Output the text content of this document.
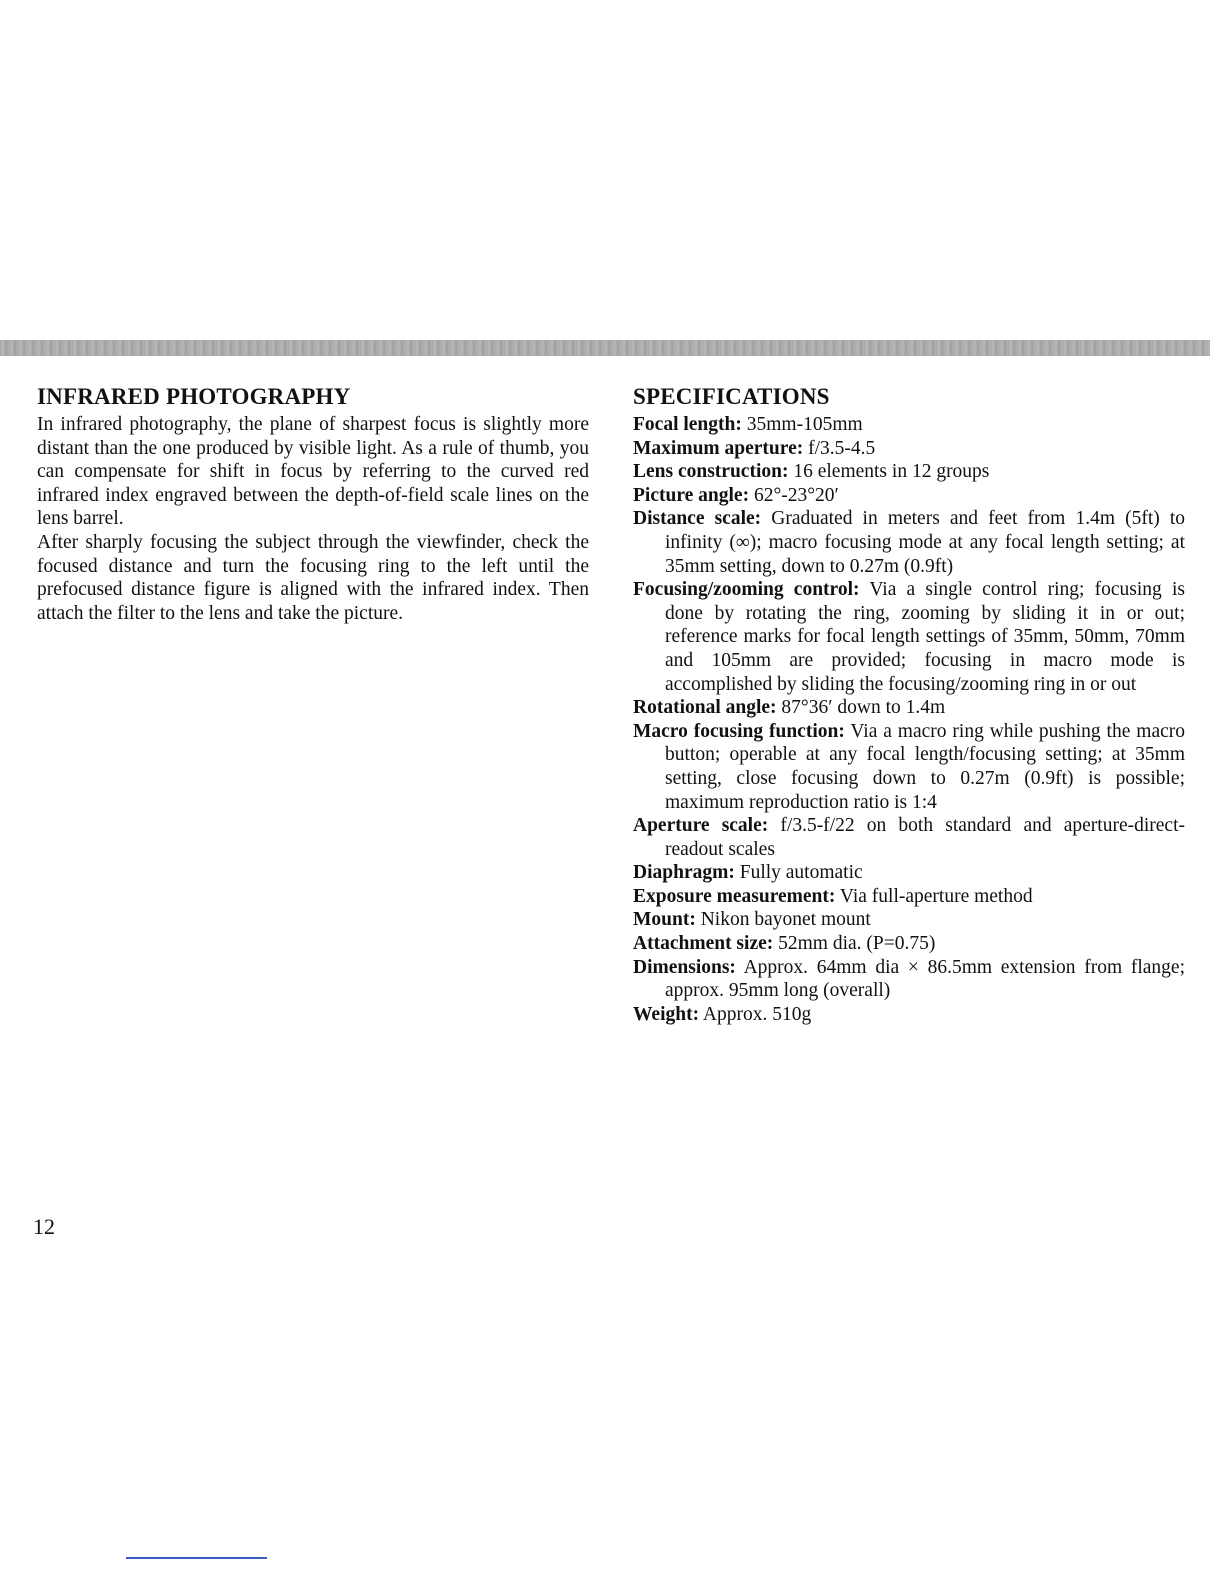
INFRARED PHOTOGRAPHY

In infrared photography, the plane of sharpest focus is slightly more distant than the one produced by visible light. As a rule of thumb, you can compensate for shift in focus by referring to the curved red infrared index engraved between the depth-of-field scale lines on the lens barrel.

After sharply focusing the subject through the viewfinder, check the focused distance and turn the focusing ring to the left until the prefocused distance figure is aligned with the infrared index. Then attach the filter to the lens and take the picture.

SPECIFICATIONS

Focal length: 35mm-105mm

Maximum aperture: f/3.5-4.5

Lens construction: 16 elements in 12 groups

Picture angle: 62°-23°20′

Distance scale: Graduated in meters and feet from 1.4m (5ft) to infinity (∞); macro focusing mode at any focal length setting; at 35mm setting, down to 0.27m (0.9ft)

Focusing/zooming control: Via a single control ring; focusing is done by rotating the ring, zooming by sliding it in or out; reference marks for focal length settings of 35mm, 50mm, 70mm and 105mm are provided; focusing in macro mode is accomplished by sliding the focusing/zooming ring in or out

Rotational angle: 87°36′ down to 1.4m

Macro focusing function: Via a macro ring while pushing the macro button; operable at any focal length/focusing setting; at 35mm setting, close focusing down to 0.27m (0.9ft) is possible; maximum reproduction ratio is 1:4

Aperture scale: f/3.5-f/22 on both standard and aperture-direct-readout scales

Diaphragm: Fully automatic

Exposure measurement: Via full-aperture method

Mount: Nikon bayonet mount

Attachment size: 52mm dia. (P=0.75)

Dimensions: Approx. 64mm dia × 86.5mm extension from flange; approx. 95mm long (overall)

Weight: Approx. 510g

12
